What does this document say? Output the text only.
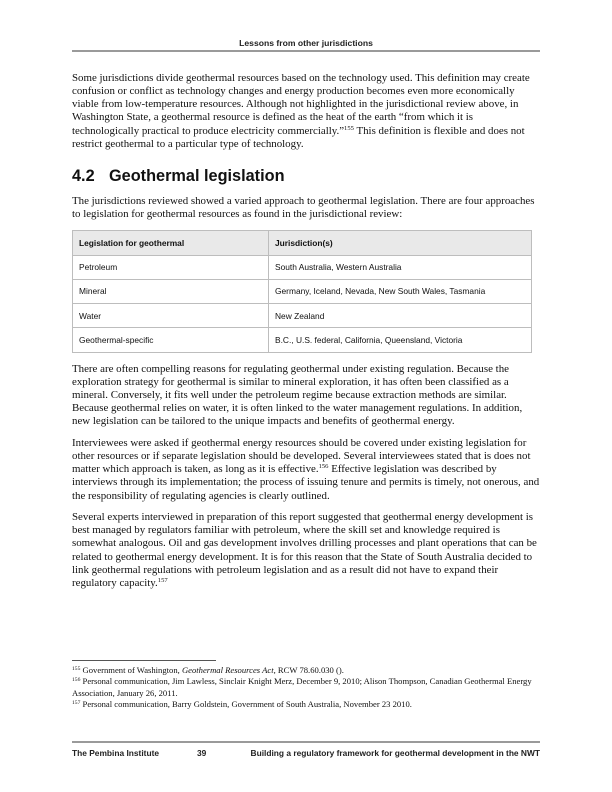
Lessons from other jurisdictions

Some jurisdictions divide geothermal resources based on the technology used. This definition may create confusion or conflict as technology changes and energy production becomes even more economically viable from low-temperature resources. Although not highlighted in the jurisdictional review above, in Washington State, a geothermal resource is defined as the heat of the earth “from which it is technologically practical to produce electricity commercially.”$^{155}$ This definition is flexible and does not restrict geothermal to a particular type of technology.

4.2 Geothermal legislation

The jurisdictions reviewed showed a varied approach to geothermal legislation. There are four approaches to legislation for geothermal resources as found in the jurisdictional review:

Legislation for geothermal	Jurisdiction(s)
Petroleum	South Australia, Western Australia
Mineral	Germany, Iceland, Nevada, New South Wales, Tasmania
Water	New Zealand
Geothermal-specific	B.C., U.S. federal, California, Queensland, Victoria

There are often compelling reasons for regulating geothermal under existing regulation. Because the exploration strategy for geothermal is similar to mineral exploration, it has often been classified as a mineral. Conversely, it fits well under the petroleum regime because extraction methods are similar. Because geothermal relies on water, it is often linked to the water management regulations. In addition, new legislation can be tailored to the unique impacts and benefits of geothermal energy.

Interviewees were asked if geothermal energy resources should be covered under existing legislation for other resources or if separate legislation should be developed. Several interviewees stated that is does not matter which approach is taken, as long as it is effective.$^{156}$ Effective legislation was described by interviews through its implementation; the process of issuing tenure and permits is timely, not onerous, and the responsibility of regulating agencies is clearly outlined.

Several experts interviewed in preparation of this report suggested that geothermal energy development is best managed by regulators familiar with petroleum, where the skill set and knowledge required is somewhat analogous. Oil and gas development involves drilling processes and plant operations that can be related to geothermal energy development. It is for this reason that the State of South Australia decided to link geothermal regulations with petroleum legislation and as a result did not have to expand their regulatory capacity.$^{157}$

$^{155}$ Government of Washington, Geothermal Resources Act, RCW 78.60.030 ().
$^{156}$ Personal communication, Jim Lawless, Sinclair Knight Merz, December 9, 2010; Alison Thompson, Canadian Geothermal Energy Association, January 26, 2011.
$^{157}$ Personal communication, Barry Goldstein, Government of South Australia, November 23 2010.
The Pembina Institute	39	Building a regulatory framework for geothermal development in the NWT
